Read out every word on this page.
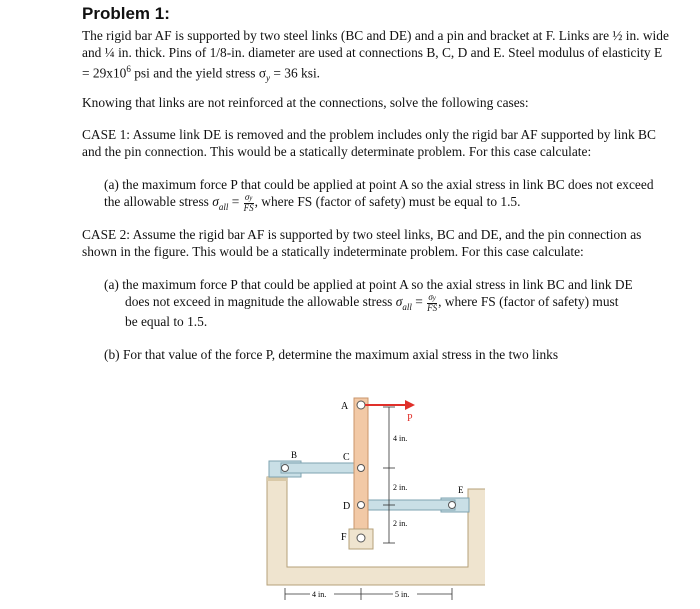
Problem 1:

The rigid bar AF is supported by two steel links (BC and DE) and a pin and bracket at F. Links are ½ in. wide and ¼ in. thick. Pins of 1/8-in. diameter are used at connections B, C, D and E. Steel modulus of elasticity $E = 29x10^6$ psi and the yield stress $\sigma_y = 36$ ksi.

Knowing that links are not reinforced at the connections, solve the following cases:

CASE 1: Assume link DE is removed and the problem includes only the rigid bar AF supported by link BC and the pin connection. This would be a statically determinate problem. For this case calculate:

(a) the maximum force P that could be applied at point A so the axial stress in link BC does not exceed the allowable stress $\sigma_{all} = \frac{\sigma y}{FS}$ , where FS (factor of safety) must be equal to 1.5.

CASE 2: Assume the rigid bar AF is supported by two steel links, BC and DE, and the pin connection as shown in the figure. This would be a statically indeterminate problem. For this case calculate:

(a) the maximum force P that could be applied at point A so the axial stress in link BC and link DE

does not exceed in magnitude the allowable stress $\sigma_{all} = \frac{\sigma y}{FS}$ , where FS (factor of safety) must

be equal to 1.5.

(b) For that value of the force P, determine the maximum axial stress in the two links

A
P
B	C
D
E
F
4 in.
2 in.
2 in.
4 in.	5 in.
